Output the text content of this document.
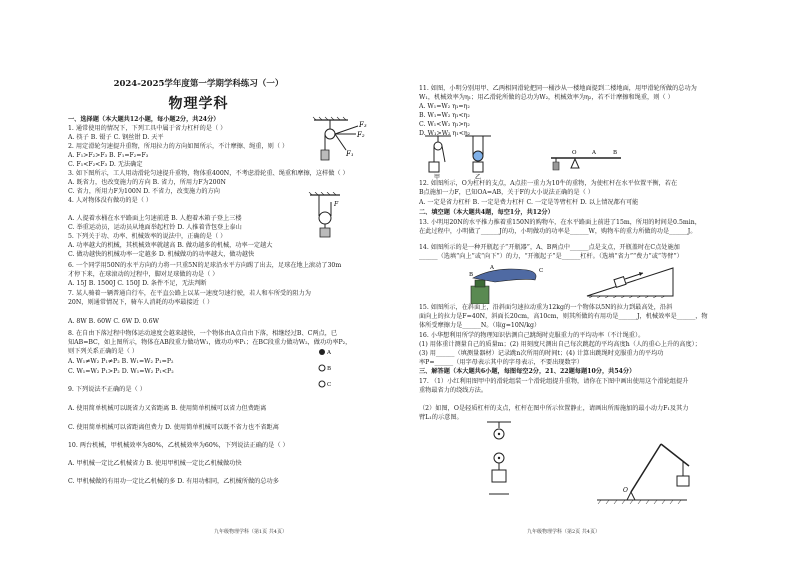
2024-2025学年度第一学期学科练习（一）
物理学科
一、选择题（本大题共12小题，每小题2分，共24分）
1. 通常使用的情况下，下列工具中属于省力杠杆的是（ ）
A. 筷子 B. 镊子 C. 钢丝钳 D. 天平
2. 用定滑轮匀速提升重物，所用拉力的方向如图所示，不计摩擦、绳重，则（ ）
A. F₁>F₂>F₃ B. F₁=F₂=F₃
C. F₁<F₂<F₃ D. 无法确定
3. 如下图所示，工人用动滑轮匀速提升重物，物体重400N，不考虑滑轮重、绳重和摩擦，这样做（ ）
A. 既省力，也改变施力的方向 B. 省力，所用力F为200N
C. 省力，所用力F为100N D. 不省力，改变施力的方向
4. 人对物体没有做功的是（ ）
A. 人提着水桶在水平路面上匀速前进 B. 人抱着木箱子登上三楼
C. 举重运动员，运动员从地面举起杠铃 D. 人推着背包登上泰山
5. 下列关于功、功率、机械效率的说法中，正确的是（ ）
A. 功率越大的机械，其机械效率就越高 B. 做功越多的机械，功率一定越大
C. 做功越快的机械功率一定越多 D. 机械做功的功率越大，做功越快
6. 一个同学用50N的水平方向的力将一只重5N的足球沿水平方向踢了出去，足球在地上滚动了30m
才停下来，在球滚动的过程中，脚对足球做的功是（ ）
A. 15J B. 1500J C. 150J D. 条件不足，无法判断
7. 某人骑着一辆普通自行车，在平直公路上以某一速度匀速行驶，若人和车所受的阻力为
20N，则通常情况下，骑车人消耗的功率最接近（ ）
A. 8W B. 60W C. 6W D. 0.6W
8. 在自由下落过程中物体运动速度会越来越快，一个物体由A点自由下落，相继经过B、C两点，已
知AB=BC，如上图所示，物体在AB段重力做功W₁，做功功率P₁；在BC段重力做功W₂，做功功率P₂，
则下列关系正确的是（ ）
A. W₁≠W₂ P₁≠P₂ B. W₁=W₂ P₁=P₂
C. W₁=W₂ P₁>P₂ D. W₁=W₂ P₁<P₂
9. 下列说法不正确的是（ ）
A. 使用简单机械可以既省力又省距离 B. 使用简单机械可以省力但费距离
C. 使用简单机械可以省距离但费力 D. 使用简单机械可以既不省力也不省距离
10. 两台机械，甲机械效率为80%，乙机械效率为60%，下列说法正确的是（ ）
A. 甲机械一定比乙机械省力 B. 使用甲机械一定比乙机械做功快
C. 甲机械做的有用功一定比乙机械的多 D. 有用功相同，乙机械所做的总功多
F₃
F₂
F₁
F
A
B
C
九年级物理学科（第1页 共4页）
11. 如图，小明分别用甲、乙两相同滑轮把同一桶沙从一楼地面提到二楼地面，用甲滑轮所做的总功为
W₁，机械效率为η₁；用乙滑轮所做的总功为W₂，机械效率为η₂，若不计摩擦和绳重，则（ ）
A. W₁=W₂ η₁=η₂
B. W₁=W₂ η₁<η₂
C. W₁<W₂ η₁>η₂
D. W₁>W₂ η₁<η₂
12. 如图所示，O为杠杆的支点，A点挂一重力为10牛的重物，为使杠杆在水平位置平衡，若在
B点施加一力F，已知OA=AB，关于F的大小说法正确的是（ ）
A. 一定是省力杠杆 B. 一定是费力杠杆 C. 一定是等臂杠杆 D. 以上情况都有可能
二、填空题（本大题共4题，每空1分，共12分）
13. 小明用20N的水平推力推着重150N的购物车，在水平路面上前进了15m，所用的时间是0.5min，
在此过程中，小明做了______J的功，小明做功的功率是______W，购物车的重力所做的功是______J。
14. 如图所示的是一种开瓶起子“开瓶器”，A、B两点中______点是支点，开瓶盖时在C点处施加
______（选填“向上”或“向下”）的力，“开瓶起子”是______杠杆。（选填“省力”“费力”或“等臂”）
15. 如图所示，在斜面上，沿斜面匀速拉动重为12kg的一个物体以5N的拉力到最高处，沿斜
面向上的拉力是F=40N，斜面长20cm，高10cm，则其所做的有用功是______J，机械效率是______，物
体所受摩擦力是______N。（取g=10N/kg）
16. 小华想利用所学的物理知识估测自己跳绳时克服重力的平均功率（不计绳重）。
(1) 用体重计测量自己的质量m；(2) 用刻度尺测出自己每次跳起的平均高度h（人的重心上升的高度）；
(3) 用______（填测量器材）记录跳n次所用的时间t；(4) 计算出跳绳时克服重力的平均功
率P=______（用字母表示其中的字母表示，不要出现数字）
三、解答题（本大题共6小题，每图每空2分，21、22题每题10分，共54分）
17. （1）小红利用图甲中的滑轮组装一个滑轮组提升重物，请你在下图中画出使用这个滑轮组提升
重物最省力的绕线方法。
（2）如图，O是轻质杠杆的支点，杠杆在图中所示位置静止，请画出所需施加的最小动力F₁及其力
臂L₁的示意图。
甲	乙
O	A	B
A
B
C
O
九年级物理学科（第2页 共4页）
